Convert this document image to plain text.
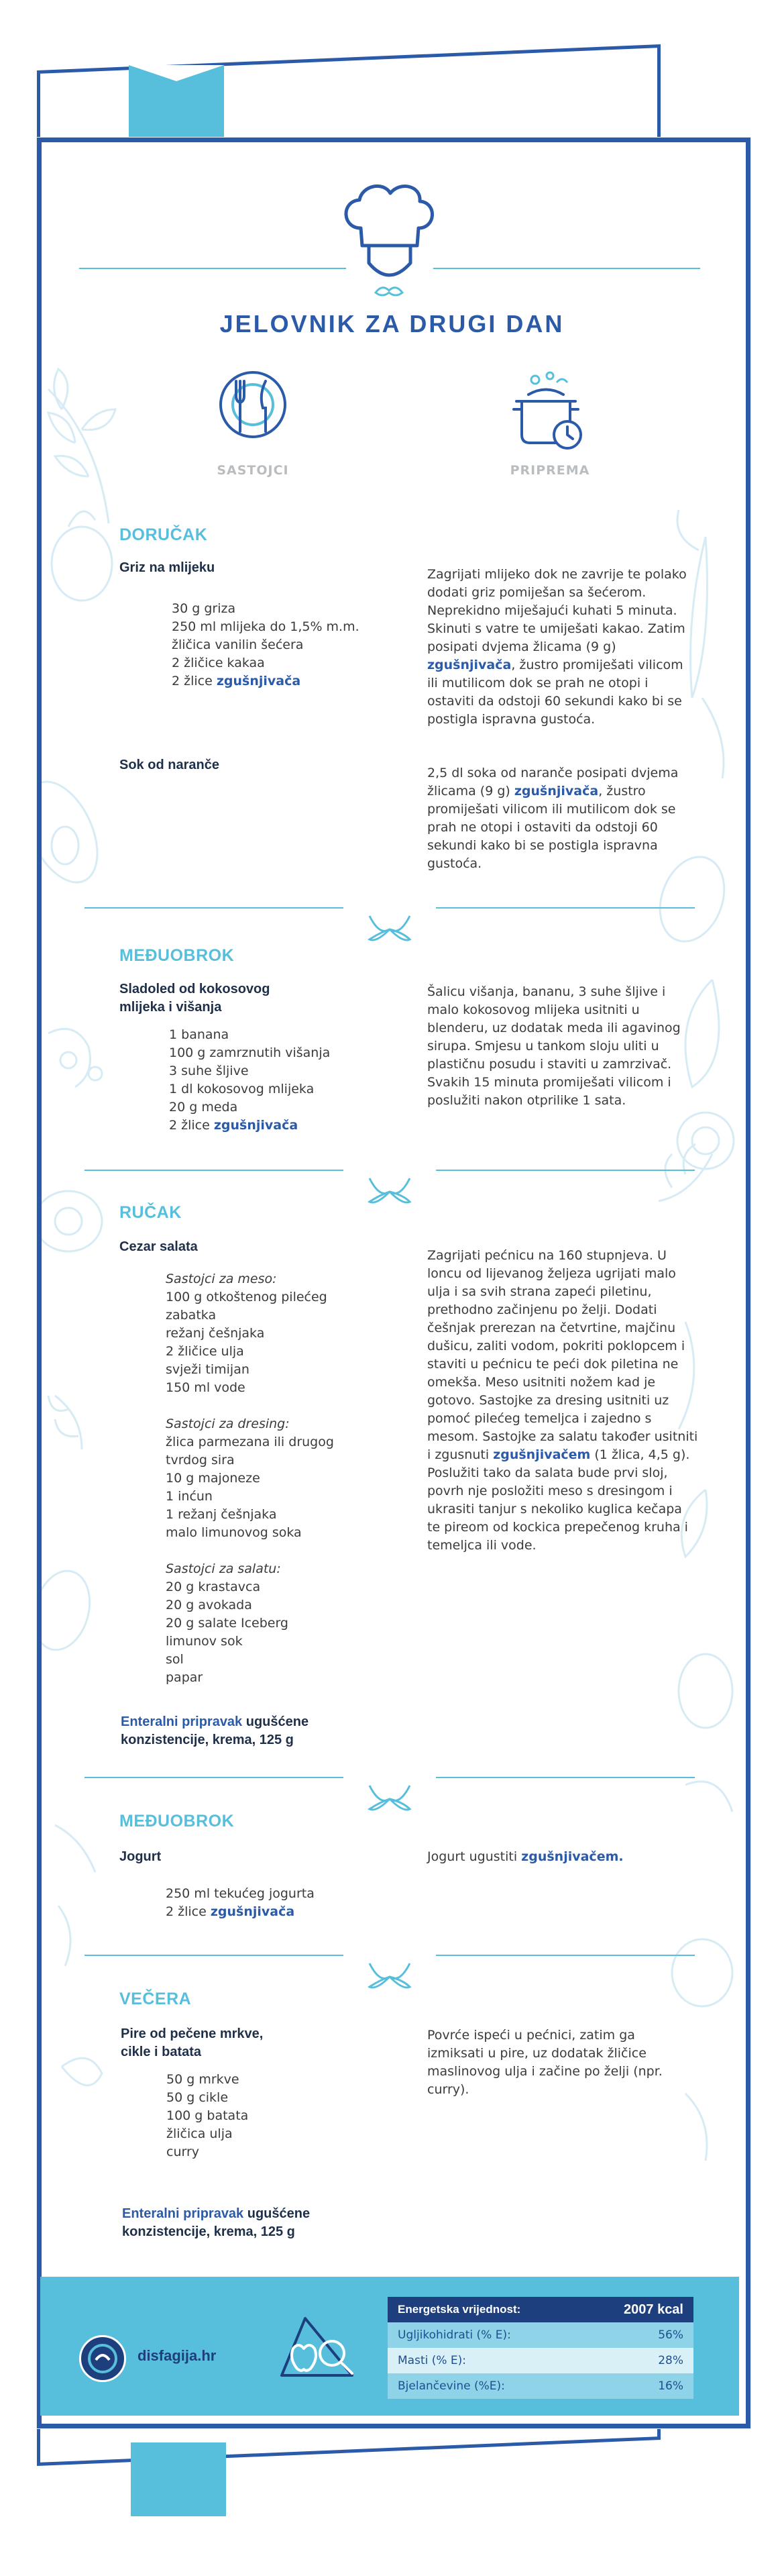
JELOVNIK ZA DRUGI DAN
SASTOJCI	PRIPREMA
DORUČAK
Griz na mlijeku
30 g griza
250 ml mlijeka do 1,5% m.m.
žličica vanilin šećera
2 žličice kakaa
2 žlice zgušnjivača
Zagrijati mlijeko dok ne zavrije te polako dodati griz pomiješan sa šećerom. Neprekidno miješajući kuhati 5 minuta. Skinuti s vatre te umiješati kakao. Zatim posipati dvjema žlicama (9 g) zgušnjivača, žustro promiješati vilicom ili mutilicom dok se prah ne otopi i ostaviti da odstoji 60 sekundi kako bi se postigla ispravna gustoća.
Sok od naranče
2,5 dl soka od naranče posipati dvjema žlicama (9 g) zgušnjivača, žustro promiješati vilicom ili mutilicom dok se prah ne otopi i ostaviti da odstoji 60 sekundi kako bi se postigla ispravna gustoća.
MEĐUOBROK
Sladoled od kokosovog
mlijeka i višanja
1 banana
100 g zamrznutih višanja
3 suhe šljive
1 dl kokosovog mlijeka
20 g meda
2 žlice zgušnjivača
Šalicu višanja, bananu, 3 suhe šljive i malo kokosovog mlijeka usitniti u blenderu, uz dodatak meda ili agavinog sirupa. Smjesu u tankom sloju uliti u plastičnu posudu i staviti u zamrzivač. Svakih 15 minuta promiješati vilicom i poslužiti nakon otprilike 1 sata.
RUČAK
Cezar salata
Sastojci za meso:
100 g otkoštenog pilećeg
zabatka
režanj češnjaka
2 žličice ulja
svježi timijan
150 ml vode
Sastojci za dresing:
žlica parmezana ili drugog
tvrdog sira
10 g majoneze
1 inćun
1 režanj češnjaka
malo limunovog soka
Sastojci za salatu:
20 g krastavca
20 g avokada
20 g salate Iceberg
limunov sok
sol
papar
Zagrijati pećnicu na 160 stupnjeva. U loncu od lijevanog željeza ugrijati malo ulja i sa svih strana zapeći piletinu, prethodno začinjenu po želji. Dodati češnjak prerezan na četvrtine, majčinu dušicu, zaliti vodom, pokriti poklopcem i staviti u pećnicu te peći dok piletina ne omekša. Meso usitniti nožem kad je gotovo. Sastojke za dresing usitniti uz pomoć pilećeg temeljca i zajedno s mesom. Sastojke za salatu također usitniti i zgusnuti zgušnjivačem (1 žlica, 4,5 g). Poslužiti tako da salata bude prvi sloj, povrh nje posložiti meso s dresingom i ukrasiti tanjur s nekoliko kuglica kečapa te pireom od kockica prepečenog kruha i temeljca ili vode.
Enteralni pripravak ugušćene
konzistencije, krema, 125 g
MEĐUOBROK
Jogurt
250 ml tekućeg jogurta
2 žlice zgušnjivača
Jogurt ugustiti zgušnjivačem.
VEČERA
Pire od pečene mrkve,
cikle i batata
50 g mrkve
50 g cikle
100 g batata
žličica ulja
curry
Povrće ispeći u pećnici, zatim ga izmiksati u pire, uz dodatak žličice maslinovog ulja i začine po želji (npr. curry).
Enteralni pripravak ugušćene
konzistencije, krema, 125 g
disfagija.hr
Energetska vrijednost:	2007 kcal
Ugljikohidrati (% E):	56%
Masti (% E):	28%
Bjelančevine (%E):	16%
